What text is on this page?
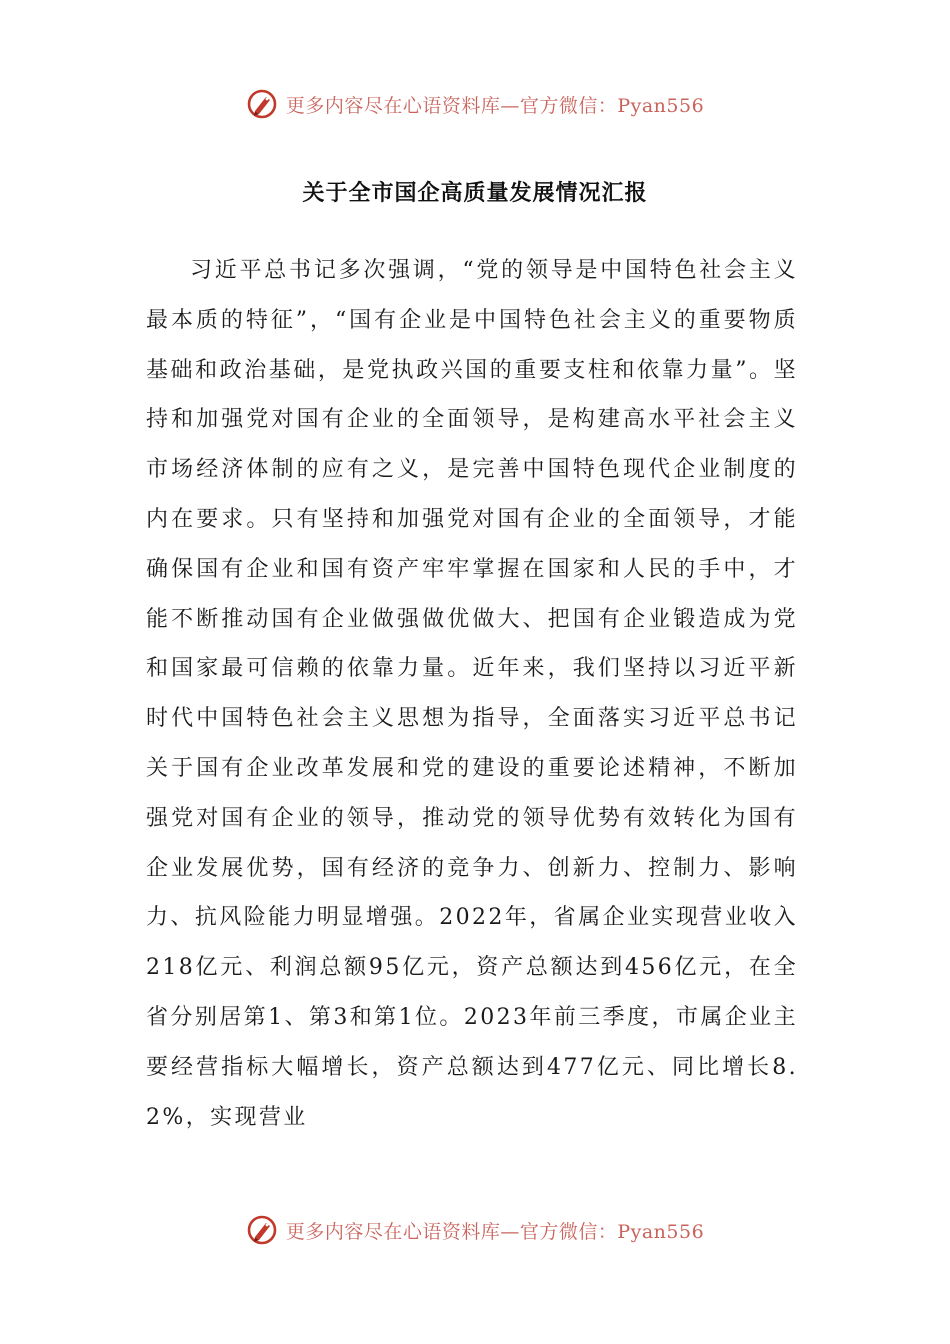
更多内容尽在心语资料库—官方微信：Pyan556
关于全市国企高质量发展情况汇报

习近平总书记多次强调，“党的领导是中国特色社会主义最本质的特征”，“国有企业是中国特色社会主义的重要物质基础和政治基础，是党执政兴国的重要支柱和依靠力量”。坚持和加强党对国有企业的全面领导，是构建高水平社会主义市场经济体制的应有之义，是完善中国特色现代企业制度的内在要求。只有坚持和加强党对国有企业的全面领导，才能确保国有企业和国有资产牢牢掌握在国家和人民的手中，才能不断推动国有企业做强做优做大、把国有企业锻造成为党和国家最可信赖的依靠力量。近年来，我们坚持以习近平新时代中国特色社会主义思想为指导，全面落实习近平总书记关于国有企业改革发展和党的建设的重要论述精神，不断加强党对国有企业的领导，推动党的领导优势有效转化为国有企业发展优势，国有经济的竞争力、创新力、控制力、影响力、抗风险能力明显增强。2022年，省属企业实现营业收入218亿元、利润总额95亿元，资产总额达到456亿元，在全省分别居第1、第3和第1位。2023年前三季度，市属企业主要经营指标大幅增长，资产总额达到477亿元、同比增长8.2%，实现营业

更多内容尽在心语资料库—官方微信：Pyan556
